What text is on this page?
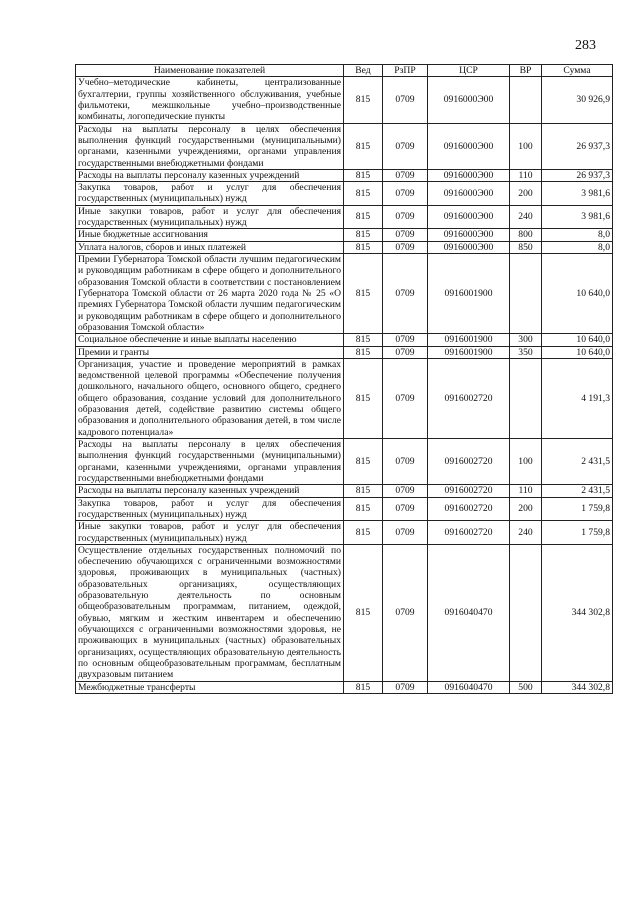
283
Наименование показателей	Вед	РзПР	ЦСР	ВР	Сумма
Учебно–методические кабинеты, централизованные бухгалтерии, группы хозяйственного обслуживания, учебные фильмотеки, межшкольные учебно–производственные комбинаты, логопедические пункты	815	0709	0916000Э00		30 926,9
Расходы на выплаты персоналу в целях обеспечения выполнения функций государственными (муниципальными) органами, казенными учреждениями, органами управления государственными внебюджетными фондами	815	0709	0916000Э00	100	26 937,3
Расходы на выплаты персоналу казенных учреждений	815	0709	0916000Э00	110	26 937,3
Закупка товаров, работ и услуг для обеспечения государственных (муниципальных) нужд	815	0709	0916000Э00	200	3 981,6
Иные закупки товаров, работ и услуг для обеспечения государственных (муниципальных) нужд	815	0709	0916000Э00	240	3 981,6
Иные бюджетные ассигнования	815	0709	0916000Э00	800	8,0
Уплата налогов, сборов и иных платежей	815	0709	0916000Э00	850	8,0
Премии Губернатора Томской области лучшим педагогическим и руководящим работникам в сфере общего и дополнительного образования Томской области в соответствии с постановлением Губернатора Томской области от 26 марта 2020 года № 25 «О премиях Губернатора Томской области лучшим педагогическим и руководящим работникам в сфере общего и дополнительного образования Томской области»	815	0709	0916001900		10 640,0
Социальное обеспечение и иные выплаты населению	815	0709	0916001900	300	10 640,0
Премии и гранты	815	0709	0916001900	350	10 640,0
Организация, участие и проведение мероприятий в рамках ведомственной целевой программы «Обеспечение получения дошкольного, начального общего, основного общего, среднего общего образования, создание условий для дополнительного образования детей, содействие развитию системы общего образования и дополнительного образования детей, в том числе кадрового потенциала»	815	0709	0916002720		4 191,3
Расходы на выплаты персоналу в целях обеспечения выполнения функций государственными (муниципальными) органами, казенными учреждениями, органами управления государственными внебюджетными фондами	815	0709	0916002720	100	2 431,5
Расходы на выплаты персоналу казенных учреждений	815	0709	0916002720	110	2 431,5
Закупка товаров, работ и услуг для обеспечения государственных (муниципальных) нужд	815	0709	0916002720	200	1 759,8
Иные закупки товаров, работ и услуг для обеспечения государственных (муниципальных) нужд	815	0709	0916002720	240	1 759,8
Осуществление отдельных государственных полномочий по обеспечению обучающихся с ограниченными возможностями здоровья, проживающих в муниципальных (частных) образовательных организациях, осуществляющих образовательную деятельность по основным общеобразовательным программам, питанием, одеждой, обувью, мягким и жестким инвентарем и обеспечению обучающихся с ограниченными возможностями здоровья, не проживающих в муниципальных (частных) образовательных организациях, осуществляющих образовательную деятельность по основным общеобразовательным программам, бесплатным двухразовым питанием	815	0709	0916040470		344 302,8
Межбюджетные трансферты	815	0709	0916040470	500	344 302,8
